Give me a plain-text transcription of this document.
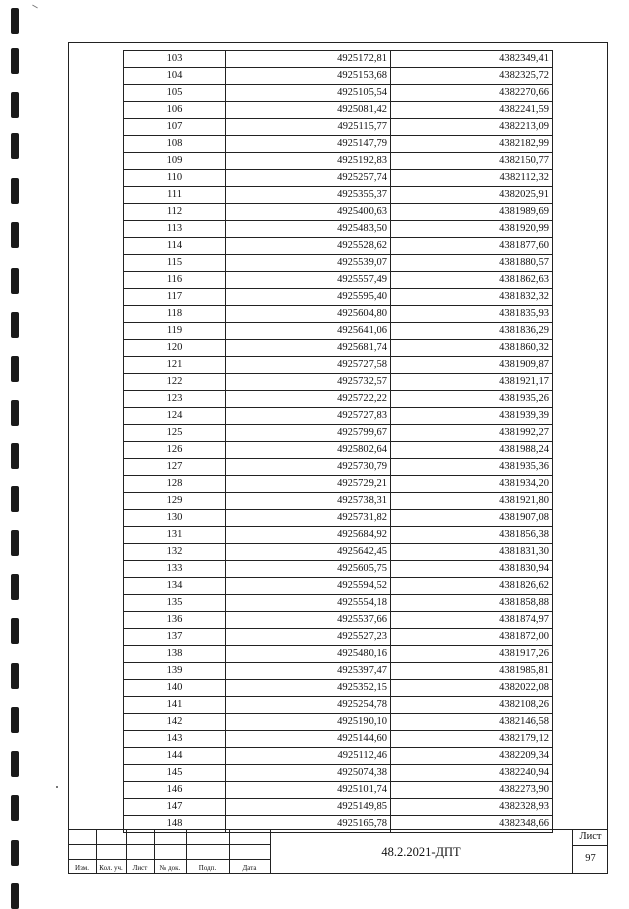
103	4925172,81	4382349,41
104	4925153,68	4382325,72
105	4925105,54	4382270,66
106	4925081,42	4382241,59
107	4925115,77	4382213,09
108	4925147,79	4382182,99
109	4925192,83	4382150,77
110	4925257,74	4382112,32
111	4925355,37	4382025,91
112	4925400,63	4381989,69
113	4925483,50	4381920,99
114	4925528,62	4381877,60
115	4925539,07	4381880,57
116	4925557,49	4381862,63
117	4925595,40	4381832,32
118	4925604,80	4381835,93
119	4925641,06	4381836,29
120	4925681,74	4381860,32
121	4925727,58	4381909,87
122	4925732,57	4381921,17
123	4925722,22	4381935,26
124	4925727,83	4381939,39
125	4925799,67	4381992,27
126	4925802,64	4381988,24
127	4925730,79	4381935,36
128	4925729,21	4381934,20
129	4925738,31	4381921,80
130	4925731,82	4381907,08
131	4925684,92	4381856,38
132	4925642,45	4381831,30
133	4925605,75	4381830,94
134	4925594,52	4381826,62
135	4925554,18	4381858,88
136	4925537,66	4381874,97
137	4925527,23	4381872,00
138	4925480,16	4381917,26
139	4925397,47	4381985,81
140	4925352,15	4382022,08
141	4925254,78	4382108,26
142	4925190,10	4382146,58
143	4925144,60	4382179,12
144	4925112,46	4382209,34
145	4925074,38	4382240,94
146	4925101,74	4382273,90
147	4925149,85	4382328,93
148	4925165,78	4382348,66
Изм.	Кол. уч.	Лист	№ док.	Подп.	Дата
48.2.2021-ДПТ
Лист
97
